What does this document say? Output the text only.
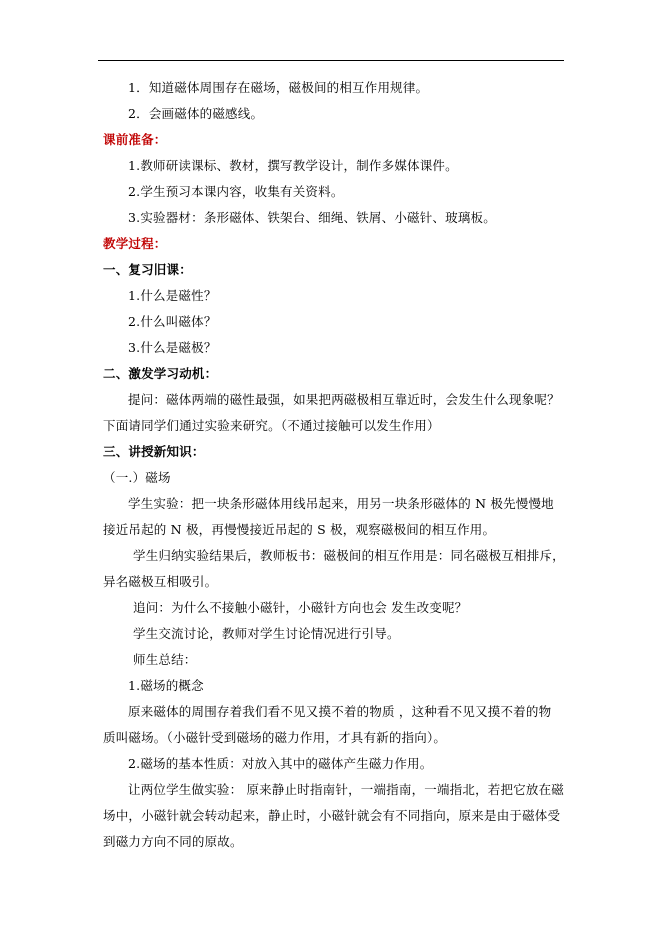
1．知道磁体周围存在磁场，磁极间的相互作用规律。
2．会画磁体的磁感线。
课前准备：
1.教师研读课标、教材，撰写教学设计，制作多媒体课件。
2.学生预习本课内容，收集有关资料。
3.实验器材：条形磁体、铁架台、细绳、铁屑、小磁针、玻璃板。
教学过程：
一、复习旧课：
1.什么是磁性？
2.什么叫磁体？
3.什么是磁极？
二、激发学习动机：
提问：磁体两端的磁性最强，如果把两磁极相互靠近时，会发生什么现象呢？
下面请同学们通过实验来研究。（不通过接触可以发生作用）
三、讲授新知识：
（一.）磁场
学生实验：把一块条形磁体用线吊起来，用另一块条形磁体的 N 极先慢慢地
接近吊起的 N 极，再慢慢接近吊起的 S 极，观察磁极间的相互作用。
学生归纳实验结果后，教师板书：磁极间的相互作用是：同名磁极互相排斥，
异名磁极互相吸引。
追问：为什么不接触小磁针，小磁针方向也会 发生改变呢？
学生交流讨论，教师对学生讨论情况进行引导。
师生总结：
1.磁场的概念
原来磁体的周围存着我们看不见又摸不着的物质 ，这种看不见又摸不着的物
质叫磁场。（小磁针受到磁场的磁力作用，才具有新的指向）。
2.磁场的基本性质：对放入其中的磁体产生磁力作用。
让两位学生做实验： 原来静止时指南针，一端指南，一端指北，若把它放在磁
场中，小磁针就会转动起来，静止时，小磁针就会有不同指向，原来是由于磁体受
到磁力方向不同的原故。
